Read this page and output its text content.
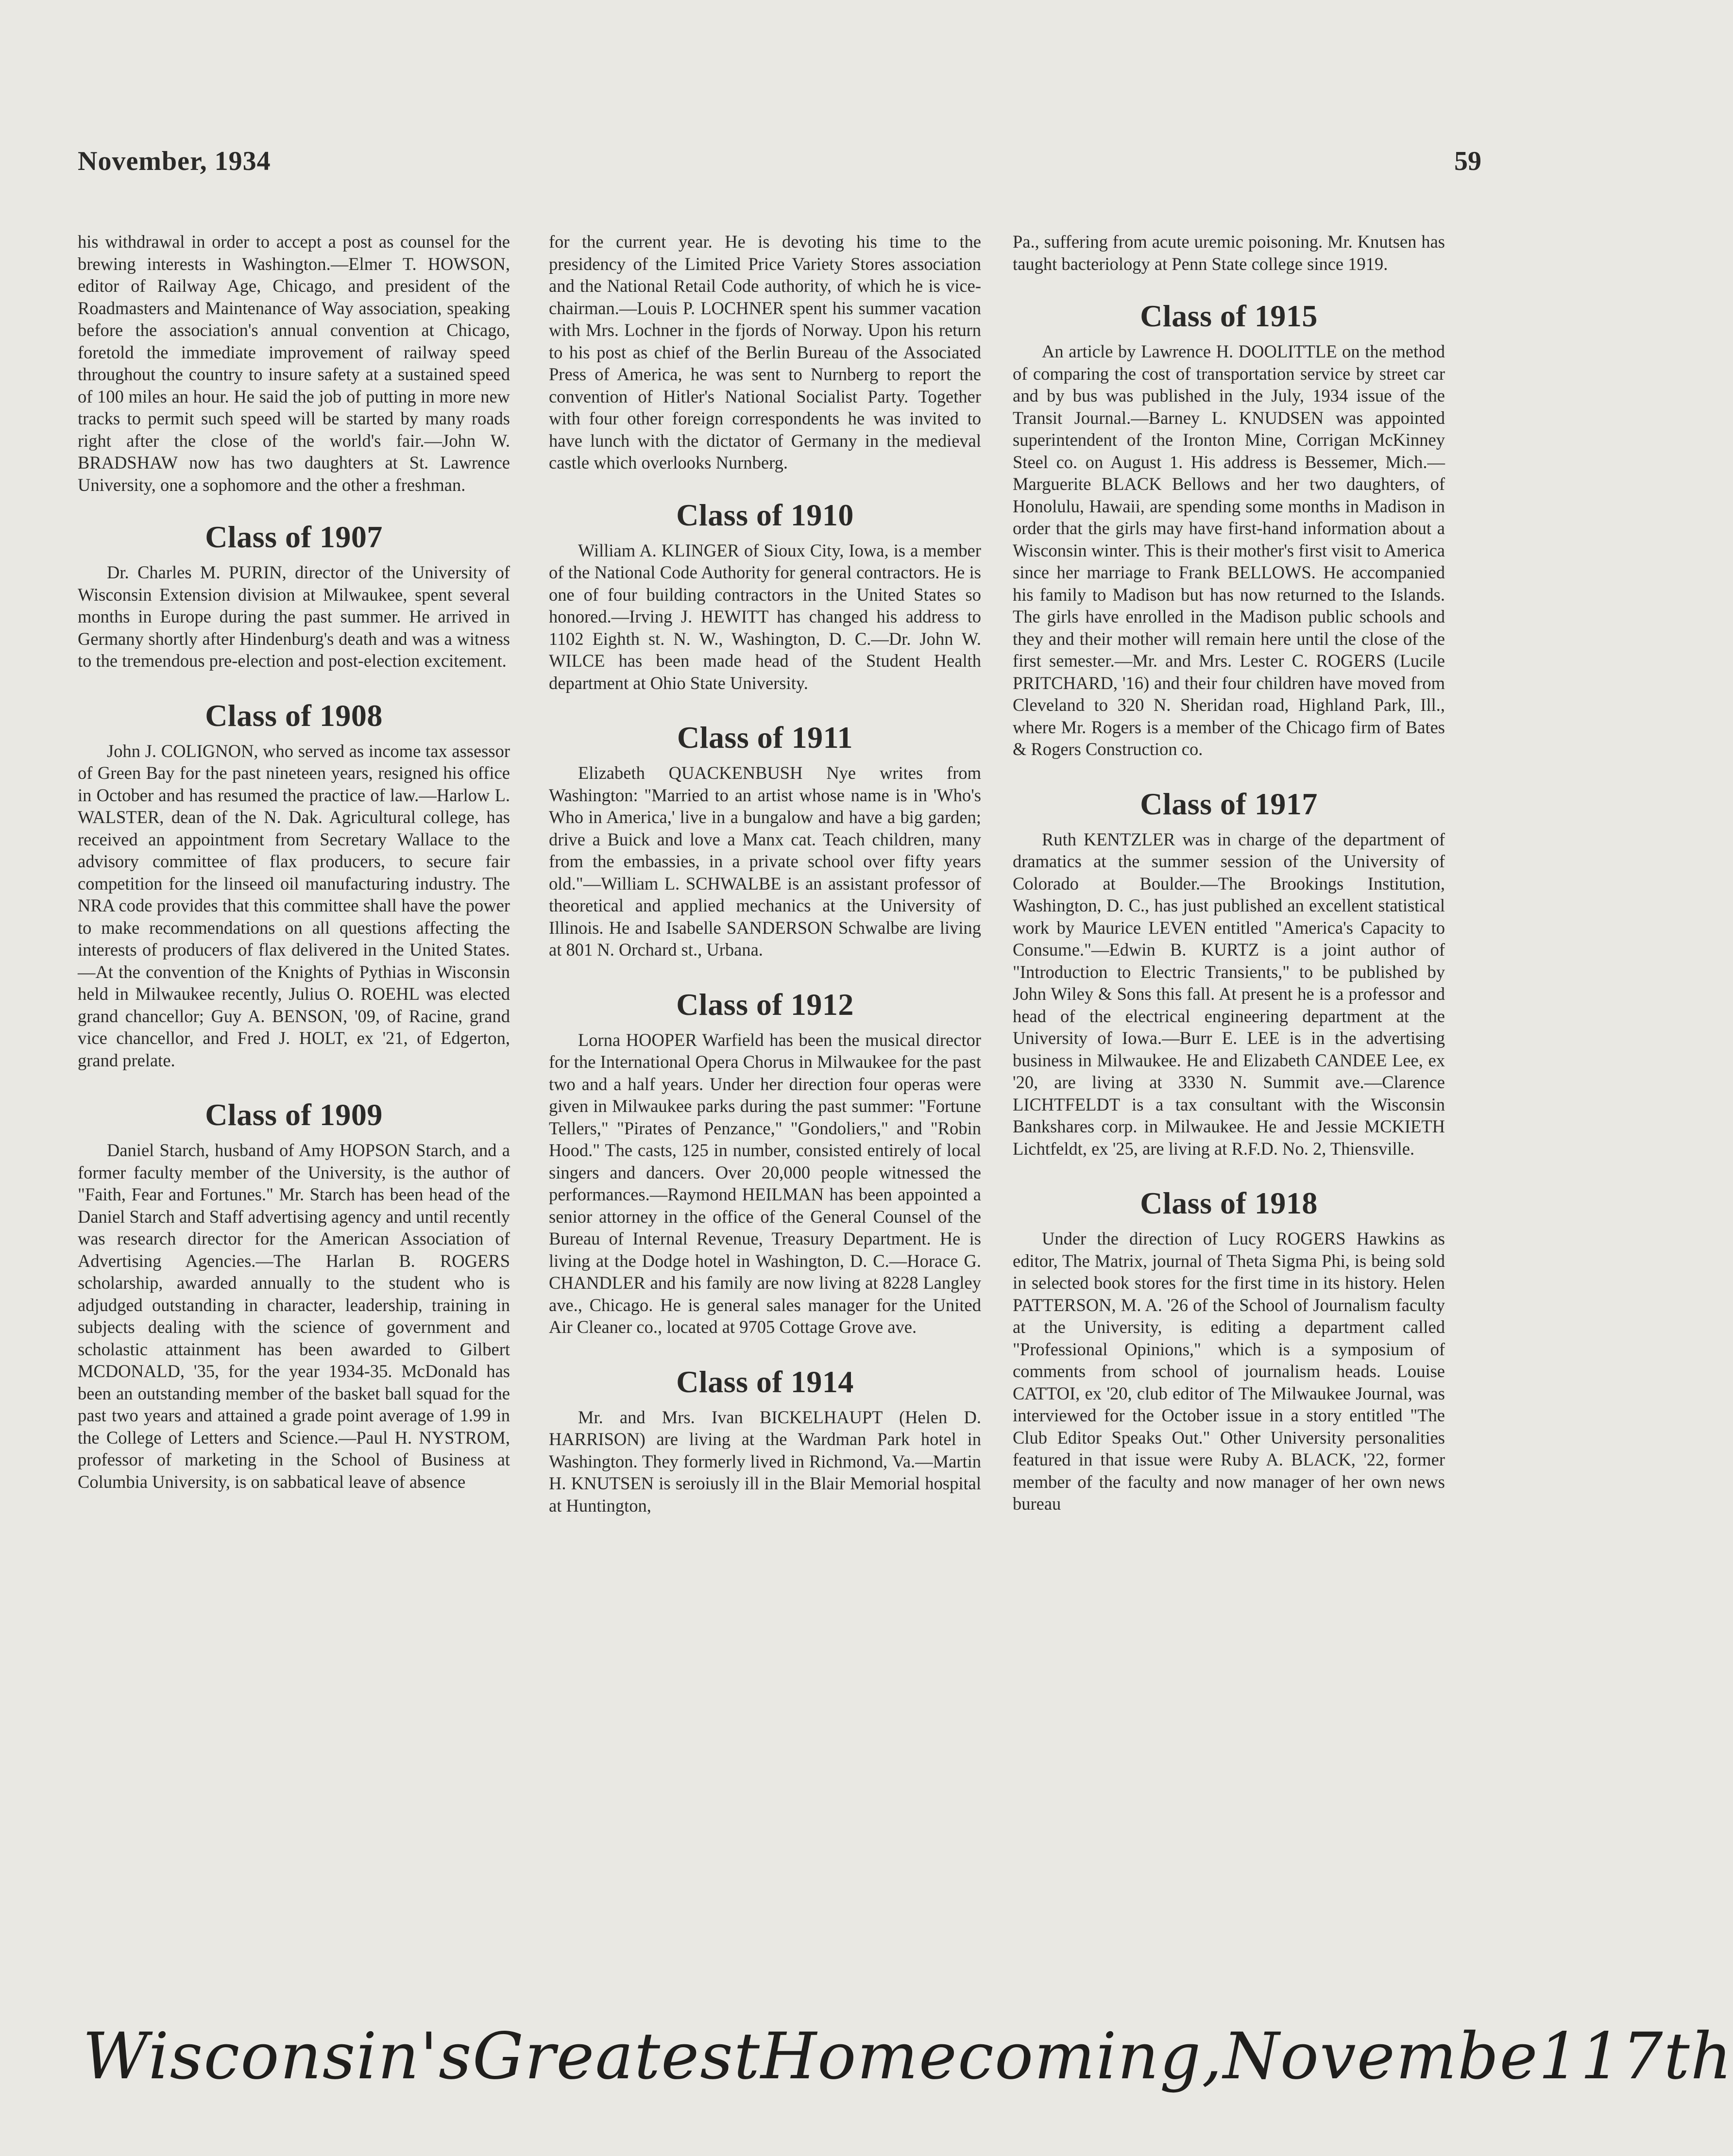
November, 1934	59

his withdrawal in order to accept a post as counsel for the brewing interests in Washington.—Elmer T. HOWSON, editor of Railway Age, Chicago, and president of the Roadmasters and Maintenance of Way association, speaking before the association's annual convention at Chicago, foretold the immediate improvement of railway speed throughout the country to insure safety at a sustained speed of 100 miles an hour. He said the job of putting in more new tracks to permit such speed will be started by many roads right after the close of the world's fair.—John W. BRADSHAW now has two daughters at St. Lawrence University, one a sophomore and the other a freshman.

Class of 1907

Dr. Charles M. PURIN, director of the University of Wisconsin Extension division at Milwaukee, spent several months in Europe during the past summer. He arrived in Germany shortly after Hindenburg's death and was a witness to the tremendous pre-election and post-election excitement.

Class of 1908

John J. COLIGNON, who served as income tax assessor of Green Bay for the past nineteen years, resigned his office in October and has resumed the practice of law.—Harlow L. WALSTER, dean of the N. Dak. Agricultural college, has received an appointment from Secretary Wallace to the advisory committee of flax producers, to secure fair competition for the linseed oil manufacturing industry. The NRA code provides that this committee shall have the power to make recommendations on all questions affecting the interests of producers of flax delivered in the United States.—At the convention of the Knights of Pythias in Wisconsin held in Milwaukee recently, Julius O. ROEHL was elected grand chancellor; Guy A. BENSON, '09, of Racine, grand vice chancellor, and Fred J. HOLT, ex '21, of Edgerton, grand prelate.

Class of 1909

Daniel Starch, husband of Amy HOPSON Starch, and a former faculty member of the University, is the author of "Faith, Fear and Fortunes." Mr. Starch has been head of the Daniel Starch and Staff advertising agency and until recently was research director for the American Association of Advertising Agencies.—The Harlan B. ROGERS scholarship, awarded annually to the student who is adjudged outstanding in character, leadership, training in subjects dealing with the science of government and scholastic attainment has been awarded to Gilbert MCDONALD, '35, for the year 1934-35. McDonald has been an outstanding member of the basket ball squad for the past two years and attained a grade point average of 1.99 in the College of Letters and Science.—Paul H. NYSTROM, professor of marketing in the School of Business at Columbia University, is on sabbatical leave of absence

for the current year. He is devoting his time to the presidency of the Limited Price Variety Stores association and the National Retail Code authority, of which he is vice-chairman.—Louis P. LOCHNER spent his summer vacation with Mrs. Lochner in the fjords of Norway. Upon his return to his post as chief of the Berlin Bureau of the Associated Press of America, he was sent to Nurnberg to report the convention of Hitler's National Socialist Party. Together with four other foreign correspondents he was invited to have lunch with the dictator of Germany in the medieval castle which overlooks Nurnberg.

Class of 1910

William A. KLINGER of Sioux City, Iowa, is a member of the National Code Authority for general contractors. He is one of four building contractors in the United States so honored.—Irving J. HEWITT has changed his address to 1102 Eighth st. N. W., Washington, D. C.—Dr. John W. WILCE has been made head of the Student Health department at Ohio State University.

Class of 1911

Elizabeth QUACKENBUSH Nye writes from Washington: "Married to an artist whose name is in 'Who's Who in America,' live in a bungalow and have a big garden; drive a Buick and love a Manx cat. Teach children, many from the embassies, in a private school over fifty years old."—William L. SCHWALBE is an assistant professor of theoretical and applied mechanics at the University of Illinois. He and Isabelle SANDERSON Schwalbe are living at 801 N. Orchard st., Urbana.

Class of 1912

Lorna HOOPER Warfield has been the musical director for the International Opera Chorus in Milwaukee for the past two and a half years. Under her direction four operas were given in Milwaukee parks during the past summer: "Fortune Tellers," "Pirates of Penzance," "Gondoliers," and "Robin Hood." The casts, 125 in number, consisted entirely of local singers and dancers. Over 20,000 people witnessed the performances.—Raymond HEILMAN has been appointed a senior attorney in the office of the General Counsel of the Bureau of Internal Revenue, Treasury Department. He is living at the Dodge hotel in Washington, D. C.—Horace G. CHANDLER and his family are now living at 8228 Langley ave., Chicago. He is general sales manager for the United Air Cleaner co., located at 9705 Cottage Grove ave.

Class of 1914

Mr. and Mrs. Ivan BICKELHAUPT (Helen D. HARRISON) are living at the Wardman Park hotel in Washington. They formerly lived in Richmond, Va.—Martin H. KNUTSEN is seroiusly ill in the Blair Memorial hospital at Huntington,

Pa., suffering from acute uremic poisoning. Mr. Knutsen has taught bacteriology at Penn State college since 1919.

Class of 1915

An article by Lawrence H. DOOLITTLE on the method of comparing the cost of transportation service by street car and by bus was published in the July, 1934 issue of the Transit Journal.—Barney L. KNUDSEN was appointed superintendent of the Ironton Mine, Corrigan McKinney Steel co. on August 1. His address is Bessemer, Mich.—Marguerite BLACK Bellows and her two daughters, of Honolulu, Hawaii, are spending some months in Madison in order that the girls may have first-hand information about a Wisconsin winter. This is their mother's first visit to America since her marriage to Frank BELLOWS. He accompanied his family to Madison but has now returned to the Islands. The girls have enrolled in the Madison public schools and they and their mother will remain here until the close of the first semester.—Mr. and Mrs. Lester C. ROGERS (Lucile PRITCHARD, '16) and their four children have moved from Cleveland to 320 N. Sheridan road, Highland Park, Ill., where Mr. Rogers is a member of the Chicago firm of Bates & Rogers Construction co.

Class of 1917

Ruth KENTZLER was in charge of the department of dramatics at the summer session of the University of Colorado at Boulder.—The Brookings Institution, Washington, D. C., has just published an excellent statistical work by Maurice LEVEN entitled "America's Capacity to Consume."—Edwin B. KURTZ is a joint author of "Introduction to Electric Transients," to be published by John Wiley & Sons this fall. At present he is a professor and head of the electrical engineering department at the University of Iowa.—Burr E. LEE is in the advertising business in Milwaukee. He and Elizabeth CANDEE Lee, ex '20, are living at 3330 N. Summit ave.—Clarence LICHTFELDT is a tax consultant with the Wisconsin Bankshares corp. in Milwaukee. He and Jessie MCKIETH Lichtfeldt, ex '25, are living at R.F.D. No. 2, Thiensville.

Class of 1918

Under the direction of Lucy ROGERS Hawkins as editor, The Matrix, journal of Theta Sigma Phi, is being sold in selected book stores for the first time in its history. Helen PATTERSON, M. A. '26 of the School of Journalism faculty at the University, is editing a department called "Professional Opinions," which is a symposium of comments from school of journalism heads. Louise CATTOI, ex '20, club editor of The Milwaukee Journal, was interviewed for the October issue in a story entitled "The Club Editor Speaks Out." Other University personalities featured in that issue were Ruby A. BLACK, '22, former member of the faculty and now manager of her own news bureau

Wisconsin's Greatest Homecoming, Novembe1 17th
